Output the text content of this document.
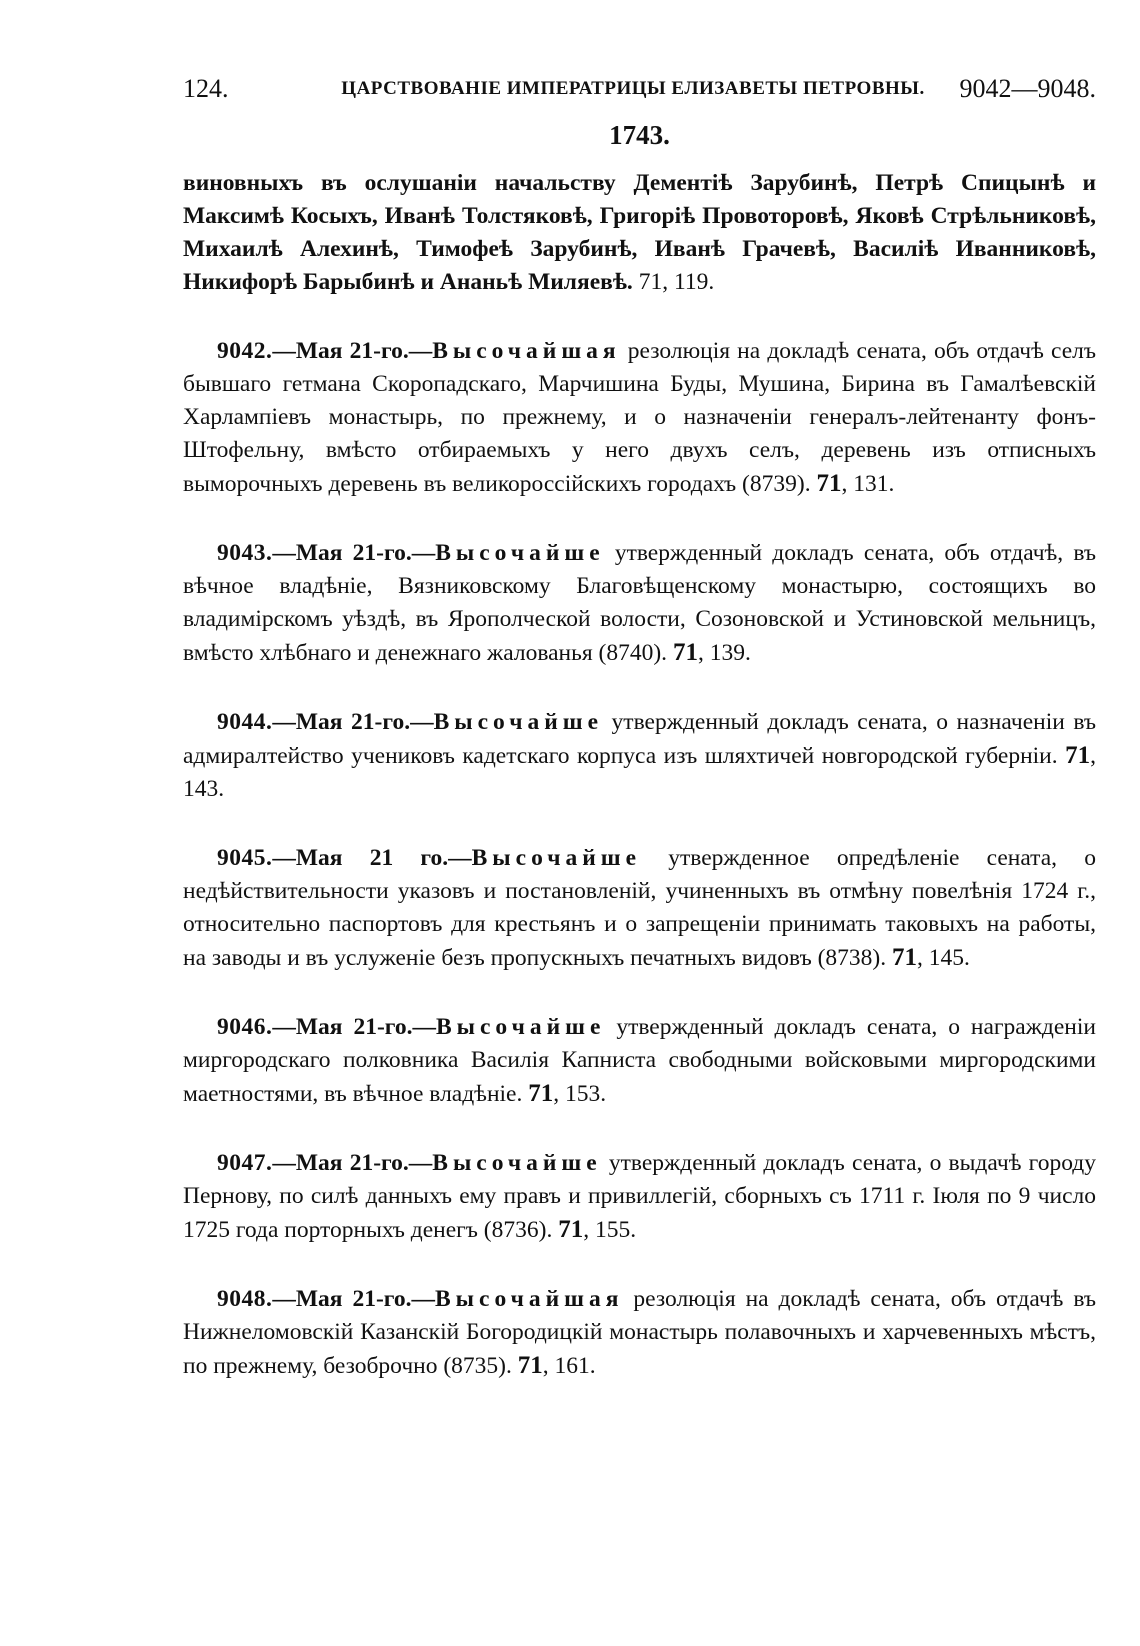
124.	ЦАРСТВОВАНІЕ ИМПЕРАТРИЦЫ ЕЛИЗАВЕТЫ ПЕТРОВНЫ.	9042—9048.
1743.

виновныхъ въ ослушаніи начальству Дементіѣ Зарубинѣ, Петрѣ Спицынѣ и Максимѣ Косыхъ, Иванѣ Толстяковѣ, Григоріѣ Провоторовѣ, Яковѣ Стрѣльниковѣ, Михаилѣ Алехинѣ, Тимофеѣ Зарубинѣ, Иванѣ Грачевѣ, Василіѣ Иванниковѣ, Никифорѣ Барыбинѣ и Ананьѣ Миляевѣ. 71, 119.

9042.—Мая 21-го.—Высочайшая резолюція на докладѣ сената, объ отдачѣ селъ бывшаго гетмана Скоропадскаго, Марчишина Буды, Мушина, Бирина въ Гамалѣевскій Харлампіевъ монастырь, по прежнему, и о назначеніи генералъ-лейтенанту фонъ-Штофельну, вмѣсто отбираемыхъ у него двухъ селъ, деревень изъ отписныхъ выморочныхъ деревень въ великороссійскихъ городахъ (8739). 71, 131.

9043.—Мая 21-го.—Высочайше утвержденный докладъ сената, объ отдачѣ, въ вѣчное владѣніе, Вязниковскому Благовѣщенскому монастырю, состоящихъ во владимірскомъ уѣздѣ, въ Ярополческой волости, Созоновской и Устиновской мельницъ, вмѣсто хлѣбнаго и денежнаго жалованья (8740). 71, 139.

9044.—Мая 21-го.—Высочайше утвержденный докладъ сената, о назначеніи въ адмиралтейство учениковъ кадетскаго корпуса изъ шляхтичей новгородской губерніи. 71, 143.

9045.—Мая 21 го.—Высочайше утвержденное опредѣленіе сената, о недѣйствительности указовъ и постановленій, учиненныхъ въ отмѣну повелѣнія 1724 г., относительно паспортовъ для крестьянъ и о запрещеніи принимать таковыхъ на работы, на заводы и въ услуженіе безъ пропускныхъ печатныхъ видовъ (8738). 71, 145.

9046.—Мая 21-го.—Высочайше утвержденный докладъ сената, о награжденіи миргородскаго полковника Василія Капниста свободными войсковыми миргородскими маетностями, въ вѣчное владѣніе. 71, 153.

9047.—Мая 21-го.—Высочайше утвержденный докладъ сената, о выдачѣ городу Пернову, по силѣ данныхъ ему правъ и привиллегій, сборныхъ съ 1711 г. Іюля по 9 число 1725 года порторныхъ денегъ (8736). 71, 155.

9048.—Мая 21-го.—Высочайшая резолюція на докладѣ сената, объ отдачѣ въ Нижнеломовскій Казанскій Богородицкій монастырь полавочныхъ и харчевенныхъ мѣстъ, по прежнему, безоброчно (8735). 71, 161.
